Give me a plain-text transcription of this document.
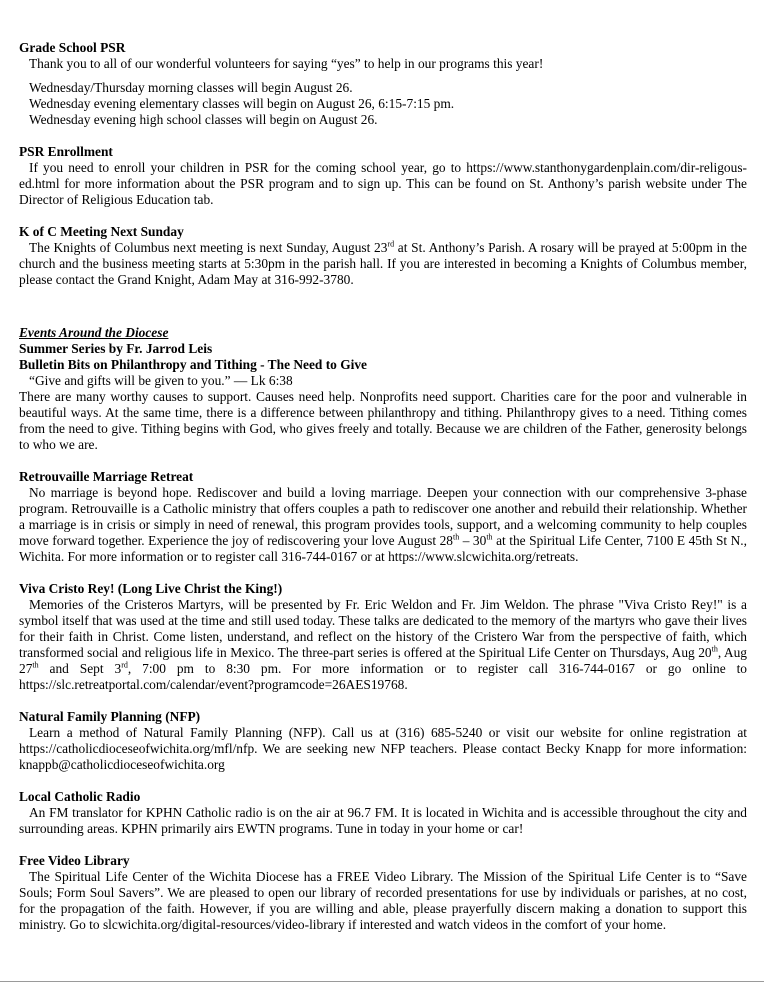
Grade School PSR

Thank you to all of our wonderful volunteers for saying “yes” to help in our programs this year!

Wednesday/Thursday morning classes will begin August 26.
Wednesday evening elementary classes will begin on August 26, 6:15-7:15 pm.
Wednesday evening high school classes will begin on August 26.
PSR Enrollment

If you need to enroll your children in PSR for the coming school year, go to https://www.stanthonygardenplain.com/dir-religous-ed.html for more information about the PSR program and to sign up. This can be found on St. Anthony’s parish website under The Director of Religious Education tab.

K of C Meeting Next Sunday

The Knights of Columbus next meeting is next Sunday, August 23rd at St. Anthony’s Parish. A rosary will be prayed at 5:00pm in the church and the business meeting starts at 5:30pm in the parish hall. If you are interested in becoming a Knights of Columbus member, please contact the Grand Knight, Adam May at 316-992-3780.

Events Around the Diocese
Summer Series by Fr. Jarrod Leis
Bulletin Bits on Philanthropy and Tithing - The Need to Give

“Give and gifts will be given to you.” — Lk 6:38

There are many worthy causes to support. Causes need help. Nonprofits need support. Charities care for the poor and vulnerable in beautiful ways. At the same time, there is a difference between philanthropy and tithing. Philanthropy gives to a need. Tithing comes from the need to give. Tithing begins with God, who gives freely and totally. Because we are children of the Father, generosity belongs to who we are.

Retrouvaille Marriage Retreat

No marriage is beyond hope. Rediscover and build a loving marriage. Deepen your connection with our comprehensive 3-phase program. Retrouvaille is a Catholic ministry that offers couples a path to rediscover one another and rebuild their relationship. Whether a marriage is in crisis or simply in need of renewal, this program provides tools, support, and a welcoming community to help couples move forward together. Experience the joy of rediscovering your love August 28th – 30th at the Spiritual Life Center, 7100 E 45th St N., Wichita. For more information or to register call 316-744-0167 or at https://www.slcwichita.org/retreats.

Viva Cristo Rey! (Long Live Christ the King!)

Memories of the Cristeros Martyrs, will be presented by Fr. Eric Weldon and Fr. Jim Weldon. The phrase "Viva Cristo Rey!" is a symbol itself that was used at the time and still used today. These talks are dedicated to the memory of the martyrs who gave their lives for their faith in Christ. Come listen, understand, and reflect on the history of the Cristero War from the perspective of faith, which transformed social and religious life in Mexico. The three-part series is offered at the Spiritual Life Center on Thursdays, Aug 20th, Aug 27th and Sept 3rd, 7:00 pm to 8:30 pm. For more information or to register call 316-744-0167 or go online to https://slc.retreatportal.com/calendar/event?programcode=26AES19768.

Natural Family Planning (NFP)

Learn a method of Natural Family Planning (NFP). Call us at (316) 685-5240 or visit our website for online registration at https://catholicdioceseofwichita.org/mfl/nfp. We are seeking new NFP teachers. Please contact Becky Knapp for more information: knappb@catholicdioceseofwichita.org

Local Catholic Radio

An FM translator for KPHN Catholic radio is on the air at 96.7 FM. It is located in Wichita and is accessible throughout the city and surrounding areas. KPHN primarily airs EWTN programs. Tune in today in your home or car!

Free Video Library

The Spiritual Life Center of the Wichita Diocese has a FREE Video Library. The Mission of the Spiritual Life Center is to “Save Souls; Form Soul Savers”. We are pleased to open our library of recorded presentations for use by individuals or parishes, at no cost, for the propagation of the faith. However, if you are willing and able, please prayerfully discern making a donation to support this ministry. Go to slcwichita.org/digital-resources/video-library if interested and watch videos in the comfort of your home.
